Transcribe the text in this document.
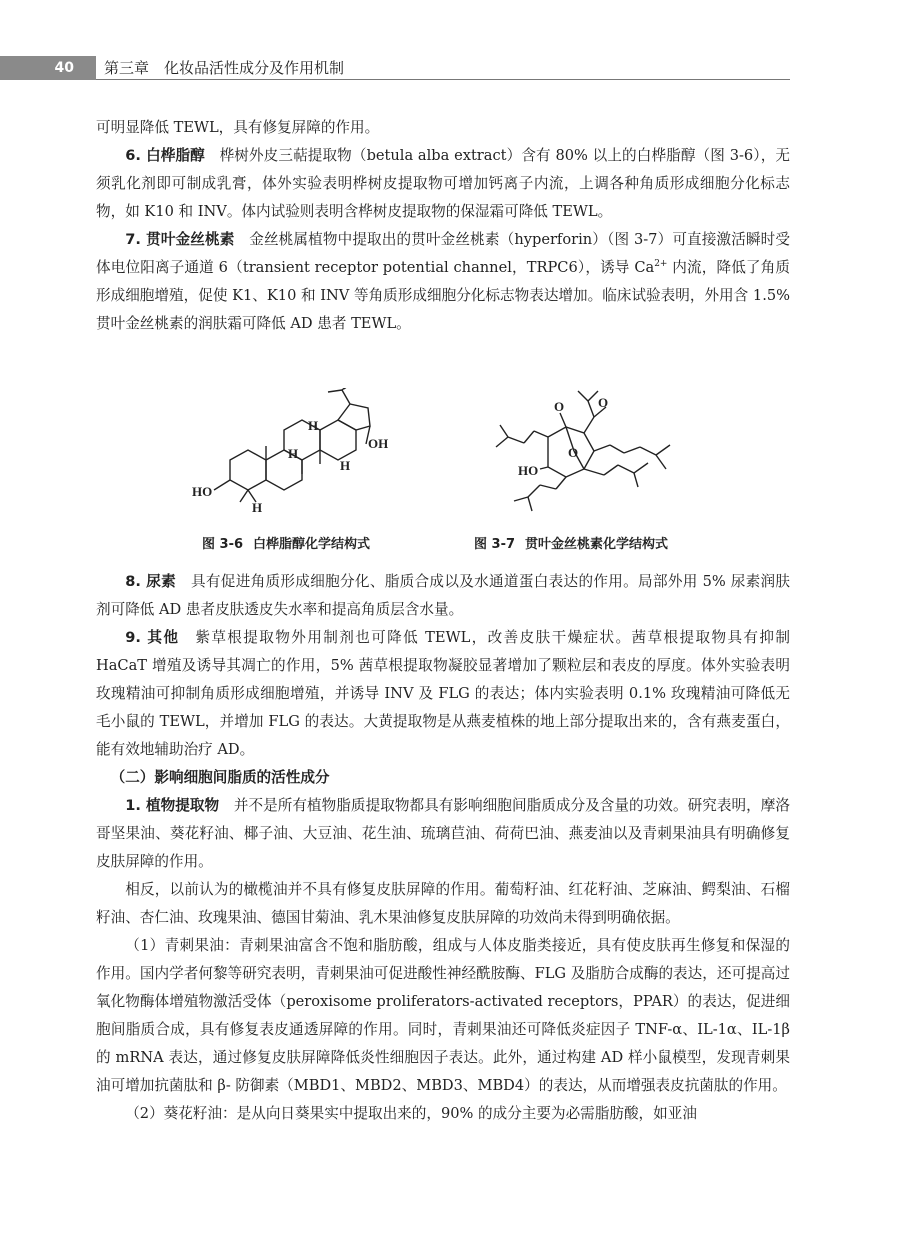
40	第三章　化妆品活性成分及作用机制

可明显降低 TEWL，具有修复屏障的作用。

6. 白桦脂醇　桦树外皮三萜提取物（betula alba extract）含有 80% 以上的白桦脂醇（图 3-6），无须乳化剂即可制成乳膏，体外实验表明桦树皮提取物可增加钙离子内流，上调各种角质形成细胞分化标志物，如 K10 和 INV。体内试验则表明含桦树皮提取物的保湿霜可降低 TEWL。

7. 贯叶金丝桃素　金丝桃属植物中提取出的贯叶金丝桃素（hyperforin）（图 3-7）可直接激活瞬时受体电位阳离子通道 6（transient receptor potential channel，TRPC6），诱导 $Ca^{2+}$ 内流，降低了角质形成细胞增殖，促使 K1、K10 和 INV 等角质形成细胞分化标志物表达增加。临床试验表明，外用含 1.5% 贯叶金丝桃素的润肤霜可降低 AD 患者 TEWL。

HO
OH
H
H
H
H
图 3-6 白桦脂醇化学结构式
O	O
O
HO
图 3-7 贯叶金丝桃素化学结构式

8. 尿素　具有促进角质形成细胞分化、脂质合成以及水通道蛋白表达的作用。局部外用 5% 尿素润肤剂可降低 AD 患者皮肤透皮失水率和提高角质层含水量。

9. 其他　紫草根提取物外用制剂也可降低 TEWL，改善皮肤干燥症状。茜草根提取物具有抑制 HaCaT 增殖及诱导其凋亡的作用，5% 茜草根提取物凝胶显著增加了颗粒层和表皮的厚度。体外实验表明玫瑰精油可抑制角质形成细胞增殖，并诱导 INV 及 FLG 的表达；体内实验表明 0.1% 玫瑰精油可降低无毛小鼠的 TEWL，并增加 FLG 的表达。大黄提取物是从燕麦植株的地上部分提取出来的，含有燕麦蛋白，能有效地辅助治疗 AD。

（二）影响细胞间脂质的活性成分

1. 植物提取物　并不是所有植物脂质提取物都具有影响细胞间脂质成分及含量的功效。研究表明，摩洛哥坚果油、葵花籽油、椰子油、大豆油、花生油、琉璃苣油、荷荷巴油、燕麦油以及青刺果油具有明确修复皮肤屏障的作用。

相反，以前认为的橄榄油并不具有修复皮肤屏障的作用。葡萄籽油、红花籽油、芝麻油、鳄梨油、石榴籽油、杏仁油、玫瑰果油、德国甘菊油、乳木果油修复皮肤屏障的功效尚未得到明确依据。

（1）青刺果油：青刺果油富含不饱和脂肪酸，组成与人体皮脂类接近，具有使皮肤再生修复和保湿的作用。国内学者何黎等研究表明，青刺果油可促进酸性神经酰胺酶、FLG 及脂肪合成酶的表达，还可提高过氧化物酶体增殖物激活受体（peroxisome proliferators-activated receptors，PPAR）的表达，促进细胞间脂质合成，具有修复表皮通透屏障的作用。同时，青刺果油还可降低炎症因子 TNF-α、IL-1α、IL-1β 的 mRNA 表达，通过修复皮肤屏障降低炎性细胞因子表达。此外，通过构建 AD 样小鼠模型，发现青刺果油可增加抗菌肽和 β- 防御素（MBD1、MBD2、MBD3、MBD4）的表达，从而增强表皮抗菌肽的作用。

（2）葵花籽油：是从向日葵果实中提取出来的，90% 的成分主要为必需脂肪酸，如亚油
